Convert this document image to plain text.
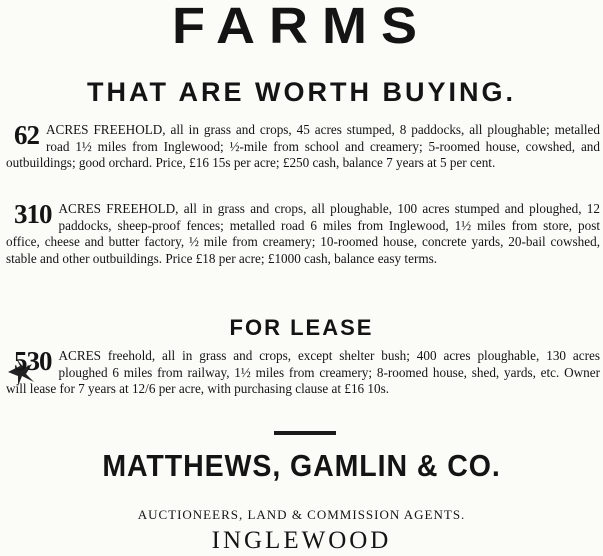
FARMS
THAT ARE WORTH BUYING.
62 ACRES FREEHOLD, all in grass and crops, 45 acres stumped, 8 paddocks, all ploughable; metalled road 1½ miles from Inglewood; ½-mile from school and creamery; 5-roomed house, cowshed, and outbuildings; good orchard. Price, £16 15s per acre; £250 cash, balance 7 years at 5 per cent.
310 ACRES FREEHOLD, all in grass and crops, all ploughable, 100 acres stumped and ploughed, 12 paddocks, sheep-proof fences; metalled road 6 miles from Inglewood, 1½ miles from store, post office, cheese and butter factory, ½ mile from creamery; 10-roomed house, concrete yards, 20-bail cowshed, stable and other outbuildings. Price £18 per acre; £1000 cash, balance easy terms.
FOR LEASE
530 ACRES freehold, all in grass and crops, except shelter bush; 400 acres ploughable, 130 acres ploughed 6 miles from railway, 1½ miles from creamery; 8-roomed house, shed, yards, etc. Owner will lease for 7 years at 12/6 per acre, with purchasing clause at £16 10s.
MATTHEWS, GAMLIN & CO.
AUCTIONEERS, LAND & COMMISSION AGENTS.
INGLEWOOD
